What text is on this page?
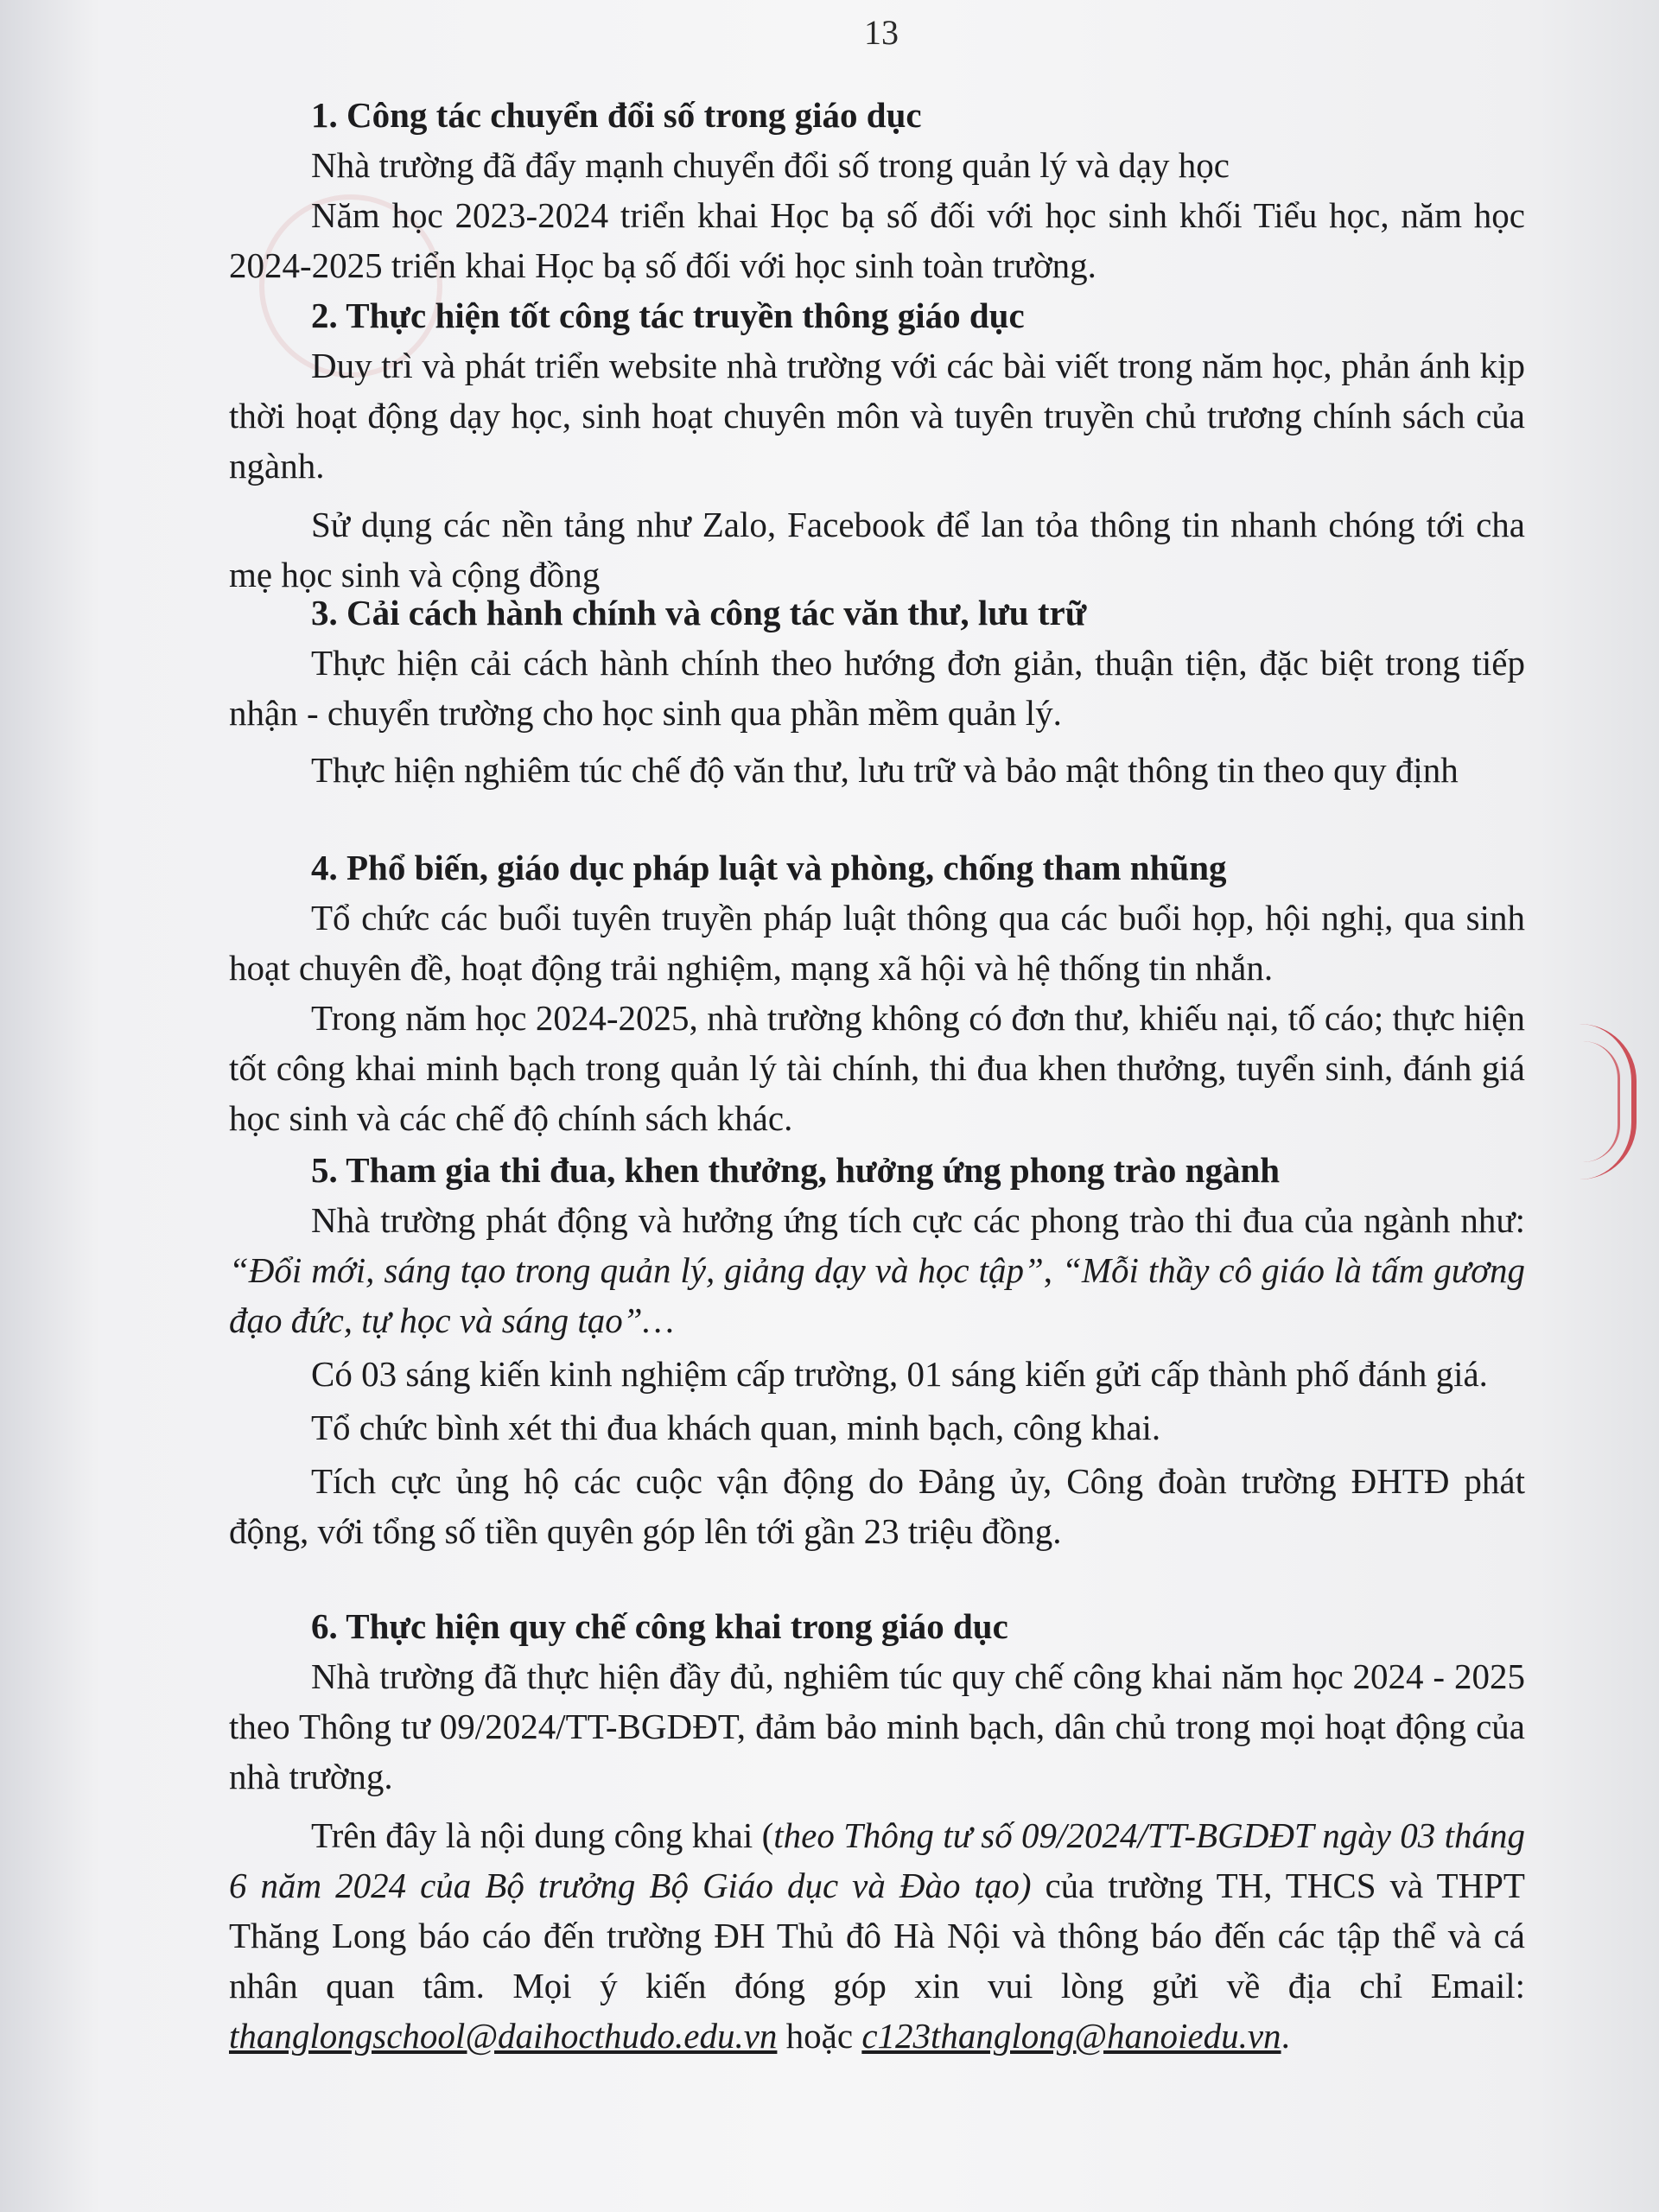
13

1. Công tác chuyển đổi số trong giáo dục

Nhà trường đã đẩy mạnh chuyển đổi số trong quản lý và dạy học

Năm học 2023-2024 triển khai Học bạ số đối với học sinh khối Tiểu học, năm học 2024-2025 triển khai Học bạ số đối với học sinh toàn trường.

2. Thực hiện tốt công tác truyền thông giáo dục

Duy trì và phát triển website nhà trường với các bài viết trong năm học, phản ánh kịp thời hoạt động dạy học, sinh hoạt chuyên môn và tuyên truyền chủ trương chính sách của ngành.

Sử dụng các nền tảng như Zalo, Facebook để lan tỏa thông tin nhanh chóng tới cha mẹ học sinh và cộng đồng

3. Cải cách hành chính và công tác văn thư, lưu trữ

Thực hiện cải cách hành chính theo hướng đơn giản, thuận tiện, đặc biệt trong tiếp nhận - chuyển trường cho học sinh qua phần mềm quản lý.

Thực hiện nghiêm túc chế độ văn thư, lưu trữ và bảo mật thông tin theo quy định

4. Phổ biến, giáo dục pháp luật và phòng, chống tham nhũng

Tổ chức các buổi tuyên truyền pháp luật thông qua các buổi họp, hội nghị, qua sinh hoạt chuyên đề, hoạt động trải nghiệm, mạng xã hội và hệ thống tin nhắn.

Trong năm học 2024-2025, nhà trường không có đơn thư, khiếu nại, tố cáo; thực hiện tốt công khai minh bạch trong quản lý tài chính, thi đua khen thưởng, tuyển sinh, đánh giá học sinh và các chế độ chính sách khác.

5. Tham gia thi đua, khen thưởng, hưởng ứng phong trào ngành

Nhà trường phát động và hưởng ứng tích cực các phong trào thi đua của ngành như: “Đổi mới, sáng tạo trong quản lý, giảng dạy và học tập”, “Mỗi thầy cô giáo là tấm gương đạo đức, tự học và sáng tạo”…

Có 03 sáng kiến kinh nghiệm cấp trường, 01 sáng kiến gửi cấp thành phố đánh giá.

Tổ chức bình xét thi đua khách quan, minh bạch, công khai.

Tích cực ủng hộ các cuộc vận động do Đảng ủy, Công đoàn trường ĐHTĐ phát động, với tổng số tiền quyên góp lên tới gần 23 triệu đồng.

6. Thực hiện quy chế công khai trong giáo dục

Nhà trường đã thực hiện đầy đủ, nghiêm túc quy chế công khai năm học 2024 - 2025 theo Thông tư 09/2024/TT-BGDĐT, đảm bảo minh bạch, dân chủ trong mọi hoạt động của nhà trường.

Trên đây là nội dung công khai (theo Thông tư số 09/2024/TT-BGDĐT ngày 03 tháng 6 năm 2024 của Bộ trưởng Bộ Giáo dục và Đào tạo) của trường TH, THCS và THPT Thăng Long báo cáo đến trường ĐH Thủ đô Hà Nội và thông báo đến các tập thể và cá nhân quan tâm. Mọi ý kiến đóng góp xin vui lòng gửi về địa chỉ Email: thanglongschool@daihocthudo.edu.vn hoặc c123thanglong@hanoiedu.vn.
